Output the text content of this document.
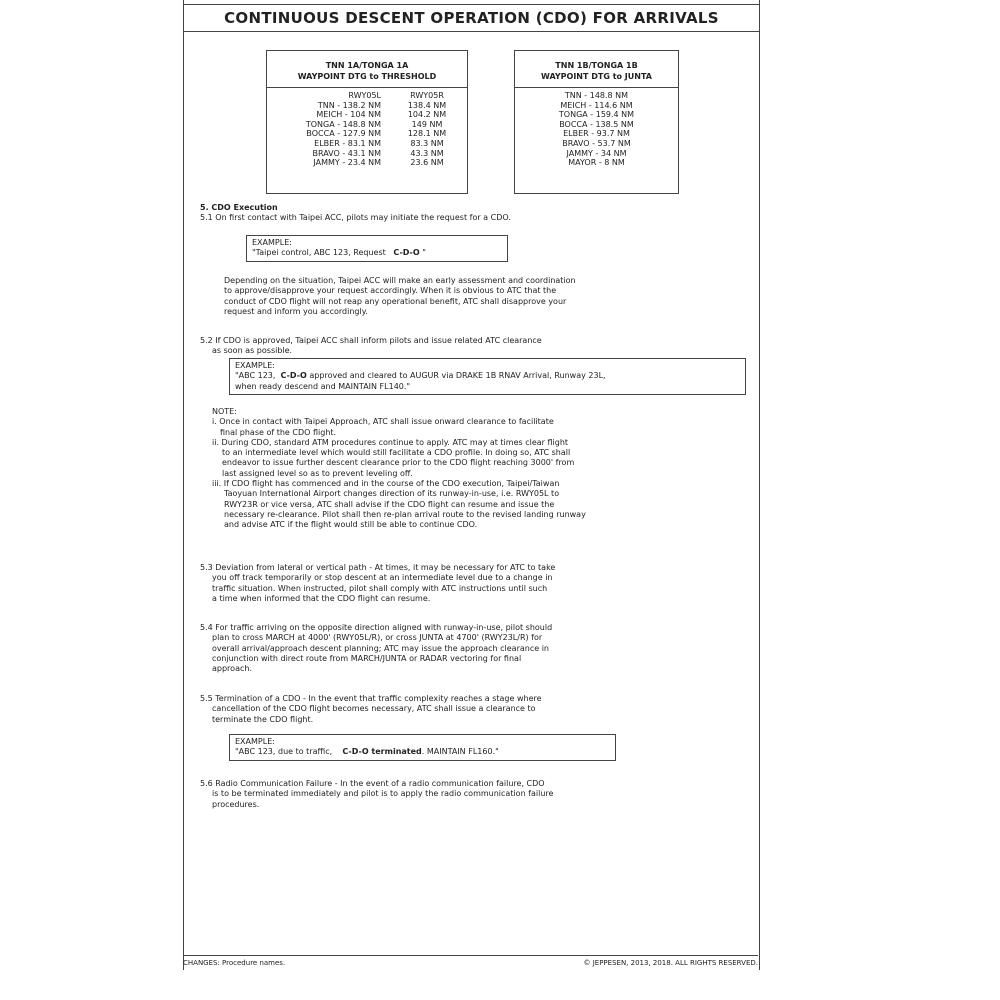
CONTINUOUS DESCENT OPERATION (CDO) FOR ARRIVALS
TNN 1A/TONGA 1A
WAYPOINT DTG to THRESHOLD
RWY05L	RWY05R
TNN - 138.2 NM	138.4 NM
MEICH - 104 NM	104.2 NM
TONGA - 148.8 NM	149 NM
BOCCA - 127.9 NM	128.1 NM
ELBER - 83.1 NM	83.3 NM
BRAVO - 43.1 NM	43.3 NM
JAMMY - 23.4 NM	23.6 NM
TNN 1B/TONGA 1B
WAYPOINT DTG to JUNTA
TNN - 148.8 NM
MEICH - 114.6 NM
TONGA - 159.4 NM
BOCCA - 138.5 NM
ELBER - 93.7 NM
BRAVO - 53.7 NM
JAMMY - 34 NM
MAYOR - 8 NM
5. CDO Execution
5.1 On first contact with Taipei ACC, pilots may initiate the request for a CDO.
EXAMPLE:
"Taipei control, ABC 123, Request C-D-O "
Depending on the situation, Taipei ACC will make an early assessment and coordination
to approve/disapprove your request accordingly. When it is obvious to ATC that the
conduct of CDO flight will not reap any operational benefit, ATC shall disapprove your
request and inform you accordingly.
5.2 If CDO is approved, Taipei ACC shall inform pilots and issue related ATC clearance
as soon as possible.
EXAMPLE:
"ABC 123, C-D-O approved and cleared to AUGUR via DRAKE 1B RNAV Arrival, Runway 23L,
when ready descend and MAINTAIN FL140."
NOTE:
i. Once in contact with Taipei Approach, ATC shall issue onward clearance to facilitate
final phase of the CDO flight.
ii. During CDO, standard ATM procedures continue to apply. ATC may at times clear flight
to an intermediate level which would still facilitate a CDO profile. In doing so, ATC shall
endeavor to issue further descent clearance prior to the CDO flight reaching 3000' from
last assigned level so as to prevent leveling off.
iii. If CDO flight has commenced and in the course of the CDO execution, Taipei/Taiwan
Taoyuan International Airport changes direction of its runway-in-use, i.e. RWY05L to
RWY23R or vice versa, ATC shall advise if the CDO flight can resume and issue the
necessary re-clearance. Pilot shall then re-plan arrival route to the revised landing runway
and advise ATC if the flight would still be able to continue CDO.
5.3 Deviation from lateral or vertical path - At times, it may be necessary for ATC to take
you off track temporarily or stop descent at an intermediate level due to a change in
traffic situation. When instructed, pilot shall comply with ATC instructions until such
a time when informed that the CDO flight can resume.
5.4 For traffic arriving on the opposite direction aligned with runway-in-use, pilot should
plan to cross MARCH at 4000' (RWY05L/R), or cross JUNTA at 4700' (RWY23L/R) for
overall arrival/approach descent planning; ATC may issue the approach clearance in
conjunction with direct route from MARCH/JUNTA or RADAR vectoring for final
approach.
5.5 Termination of a CDO - In the event that traffic complexity reaches a stage where
cancellation of the CDO flight becomes necessary, ATC shall issue a clearance to
terminate the CDO flight.
EXAMPLE:
"ABC 123, due to traffic, C-D-O terminated. MAINTAIN FL160."
5.6 Radio Communication Failure - In the event of a radio communication failure, CDO
is to be terminated immediately and pilot is to apply the radio communication failure
procedures.
CHANGES: Procedure names.	© JEPPESEN, 2013, 2018. ALL RIGHTS RESERVED.
